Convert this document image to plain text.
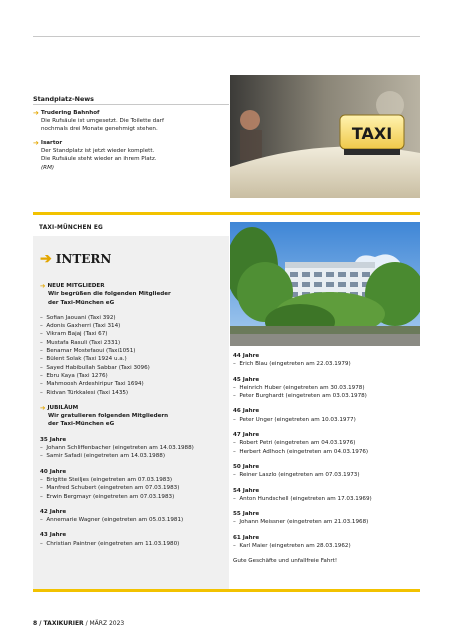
Standplatz-News
➔ Trudering Bahnhof
Die Rufsäule ist umgesetzt. Die Toilette darf
nochmals drei Monate genehmigt stehen.
➔ Isartor
Der Standplatz ist jetzt wieder komplett.
Die Rufsäule steht wieder an ihrem Platz.
(RM)
TAXI
TAXI-MÜNCHEN EG
➔ INTERN
➔ NEUE MITGLIEDER
Wir begrüßen die folgenden Mitglieder
der Taxi-München eG
–  Sofian Jaouani (Taxi 392)
–  Adonis Gaxherri (Taxi 314)
–  Vikram Bajaj (Taxi 67)
–  Mustafa Rasuli (Taxi 2331)
–  Benamar Mostefaoui (Taxi1051)
–  Bülent Solak (Taxi 1924 u.a.)
–  Sayed Habibullah Sabbar (Taxi 3096)
–  Ebru Kaya (Taxi 1276)
–  Mahmoosh Ardeshiripur Taxi 1694)
–  Ridvan Türkkalesi (Taxi 1435)
➔ JUBILÄUM
Wir gratulieren folgenden Mitgliedern
der Taxi-München eG
35 Jahre
–  Johann Schliffenbacher (eingetreten am 14.03.1988)
–  Samir Safadi (eingetreten am 14.03.1988)
40 Jahre
–  Brigitte Steiljes (eingetreten am 07.03.1983)
–  Manfred Schubert (eingetreten am 07.03.1983)
–  Erwin Bergmayr (eingetreten am 07.03.1983)
42 Jahre
–  Annemarie Wagner (eingetreten am 05.03.1981)
43 Jahre
–  Christian Paintner (eingetreten am 11.03.1980)
44 Jahre
–  Erich Blau (eingetreten am 22.03.1979)
45 Jahre
–  Heinrich Huber (eingetreten am 30.03.1978)
–  Peter Burghardt (eingetreten am 03.03.1978)
46 Jahre
–  Peter Unger (eingetreten am 10.03.1977)
47 Jahre
–  Robert Petri (eingetreten am 04.03.1976)
–  Herbert Adlhoch (eingetreten am 04.03.1976)
50 Jahre
–  Reiner Laszlo (eingetreten am 07.03.1973)
54 Jahre
–  Anton Hundschell (eingetreten am 17.03.1969)
55 Jahre
–  Johann Meissner (eingetreten am 21.03.1968)
61 Jahre
–  Karl Maier (eingetreten am 28.03.1962)
Gute Geschäfte und unfallfreie Fahrt!
8 / TAXIKURIER / MÄRZ 2023
